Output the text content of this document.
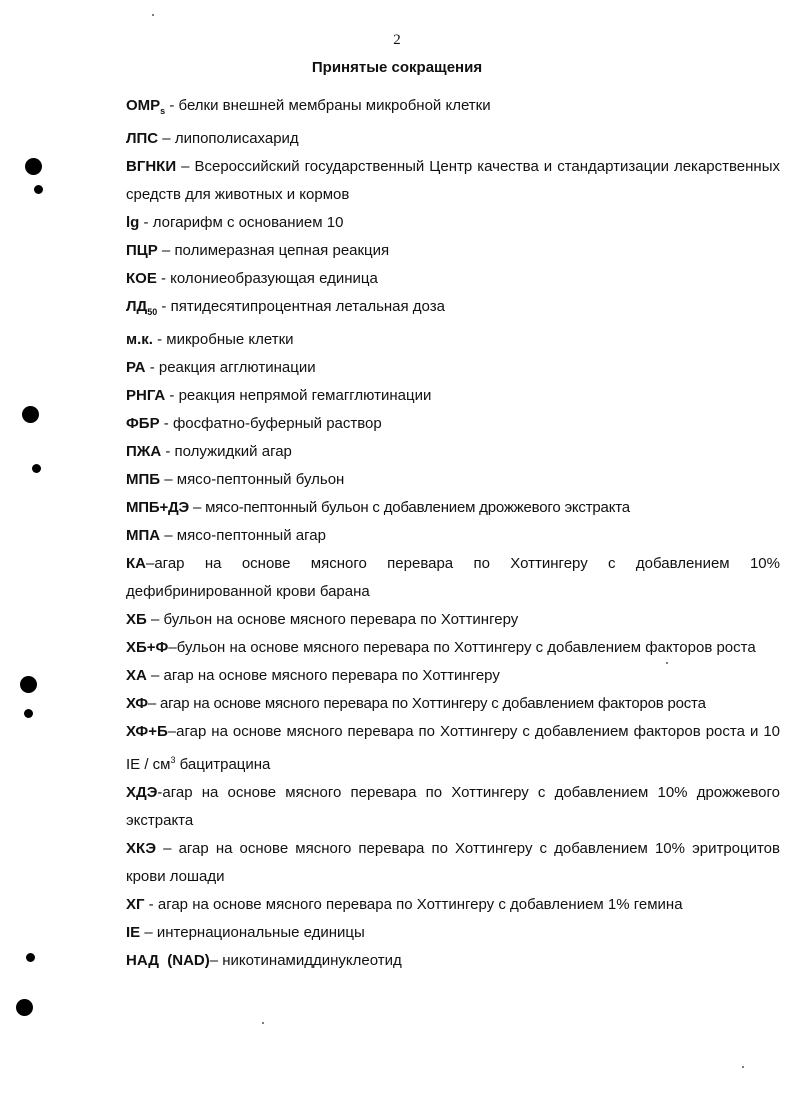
2
Принятые сокращения
$OMP_s$ - белки внешней мембраны микробной клетки
ЛПС – липополисахарид
ВГНКИ – Всероссийский государственный Центр качества и стандартизации лекарственных средств для животных и кормов
lg - логарифм с основанием 10
ПЦР – полимеразная цепная реакция
КОЕ - колониеобразующая единица
$ЛД_{50}$ - пятидесятипроцентная летальная доза
м.к. - микробные клетки
РА - реакция агглютинации
РНГА - реакция непрямой гемагглютинации
ФБР - фосфатно-буферный раствор
ПЖА - полужидкий агар
МПБ – мясо-пептонный бульон
МПБ+ДЭ – мясо-пептонный бульон с добавлением дрожжевого экстракта
МПА – мясо-пептонный агар
КА–агар на основе мясного перевара по Хоттингеру с добавлением 10% дефибринированной крови барана
ХБ – бульон на основе мясного перевара по Хоттингеру
ХБ+Ф–бульон на основе мясного перевара по Хоттингеру с добавлением факторов роста
ХА – агар на основе мясного перевара по Хоттингеру
ХФ– агар на основе мясного перевара по Хоттингеру с добавлением факторов роста
ХФ+Б–агар на основе мясного перевара по Хоттингеру с добавлением факторов роста и 10 IE / $см^3$ бацитрацина
ХДЭ-агар на основе мясного перевара по Хоттингеру с добавлением 10% дрожжевого экстракта
ХКЭ – агар на основе мясного перевара по Хоттингеру с добавлением 10% эритроцитов крови лошади
ХГ - агар на основе мясного перевара по Хоттингеру с добавлением 1% гемина
IE – интернациональные единицы
НАД  (NAD)– никотинамиддинуклеотид
